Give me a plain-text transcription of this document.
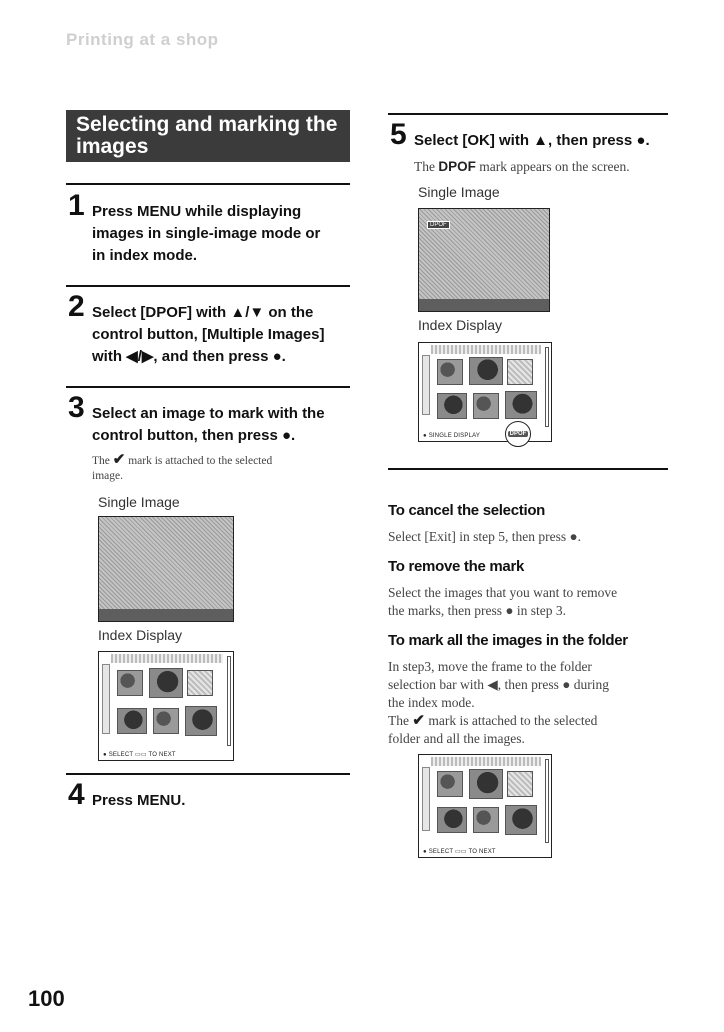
Printing at a shop
Selecting and marking the
images
1 Press MENU while displaying
images in single-image mode or
in index mode.
2 Select [DPOF] with ▲/▼ on the
control button, [Multiple Images]
with ◀/▶, and then press ●.
3 Select an image to mark with the
control button, then press ●.
The ✔ mark is attached to the selected
image.
Single Image
Index Display
● SELECT ▭▭ TO NEXT
4 Press MENU.
5 Select [OK] with ▲, then press ●.
The DPOF mark appears on the screen.
Single Image
DPOF
Index Display
DPOF
● SINGLE DISPLAY
To cancel the selection
Select [Exit] in step 5, then press ●.
To remove the mark
Select the images that you want to remove
the marks, then press ● in step 3.
To mark all the images in the folder
In step3, move the frame to the folder
selection bar with ◀, then press ● during
the index mode.
The ✔ mark is attached to the selected
folder and all the images.
● SELECT ▭▭ TO NEXT
100
